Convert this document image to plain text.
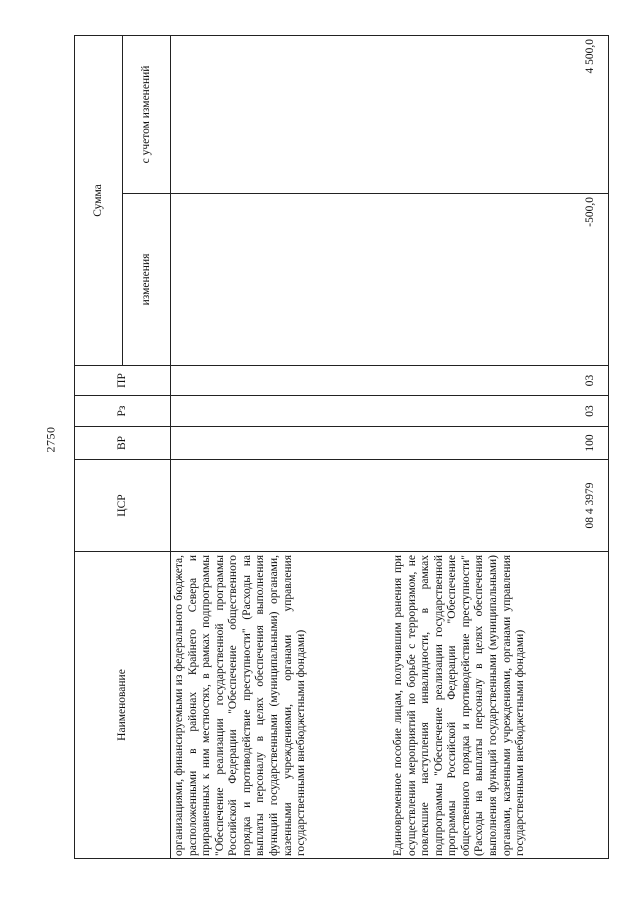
2750
Наименование	ЦСР	ВР	Рз	ПР	Сумма	
					изменения	с учетом изменений
организациями, финансируемыми из федерального бюджета, расположенными в районах Крайнего Севера и приравненных к ним местностях, в рамках подпрограммы "Обеспечение реализации государственной программы Российской Федерации "Обеспечение общественного порядка и противодействие преступности" (Расходы на выплаты персоналу в целях обеспечения выполнения функций государственными (муниципальными) органами, казенными учреждениями, органами управления государственными внебюджетными фондами)						
Единовременное пособие лицам, получившим ранения при осуществлении мероприятий по борьбе с терроризмом, не повлекшие наступления инвалидности, в рамках подпрограммы "Обеспечение реализации государственной программы Российской Федерации "Обеспечение общественного порядка и противодействие преступности" (Расходы на выплаты персоналу в целях обеспечения выполнения функций государственными (муниципальными) органами, казенными учреждениями, органами управления государственными внебюджетными фондами)	08 4 3979	100	03	03	-500,0	4 500,0
